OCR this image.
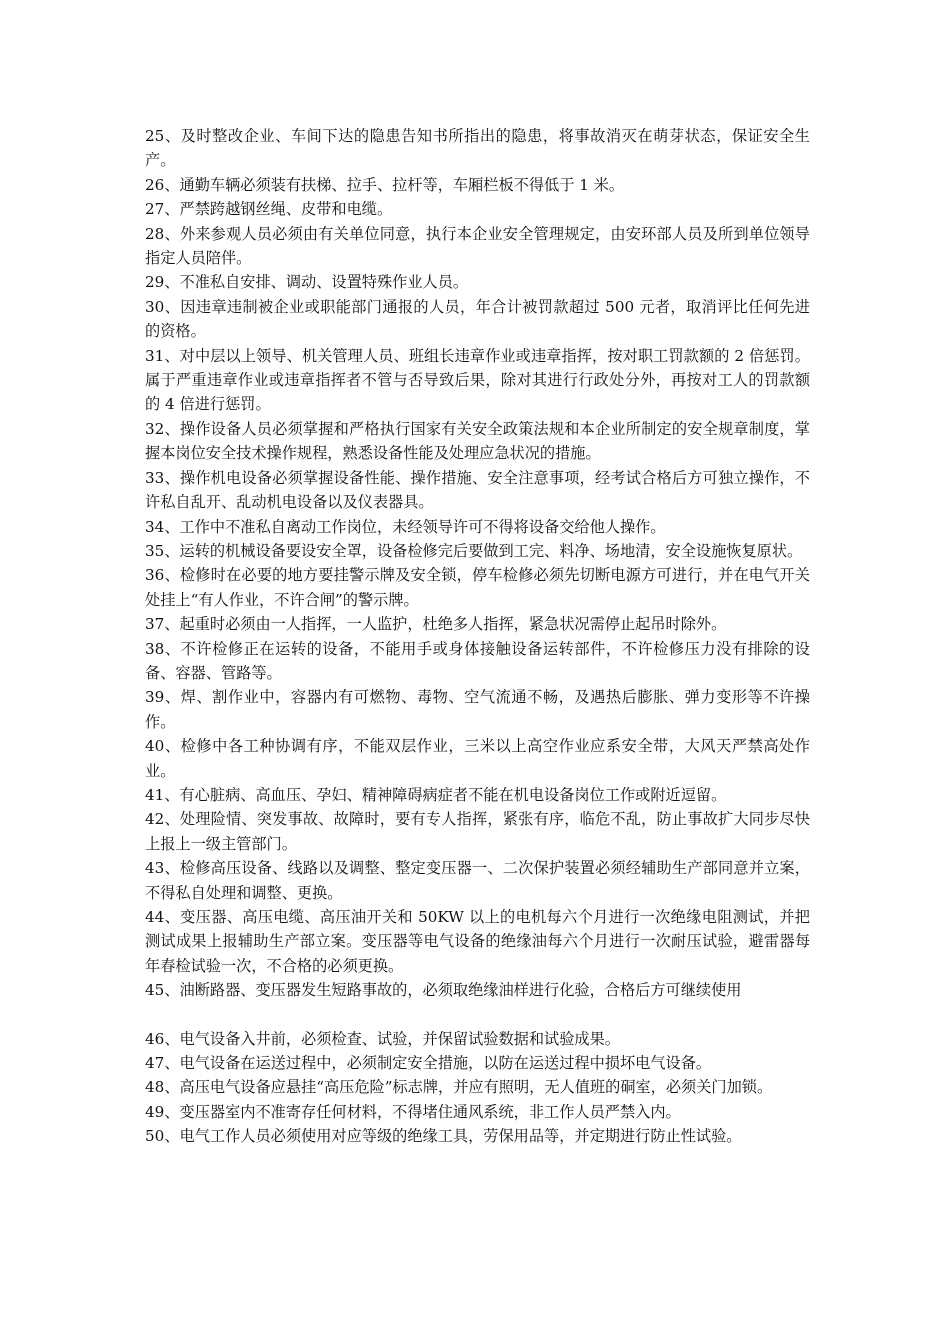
25、及时整改企业、车间下达的隐患告知书所指出的隐患，将事故消灭在萌芽状态，保证安全生产。

26、通勤车辆必须装有扶梯、拉手、拉杆等，车厢栏板不得低于 1 米。

27、严禁跨越钢丝绳、皮带和电缆。

28、外来参观人员必须由有关单位同意，执行本企业安全管理规定，由安环部人员及所到单位领导指定人员陪伴。

29、不准私自安排、调动、设置特殊作业人员。

30、因违章违制被企业或职能部门通报的人员，年合计被罚款超过 500 元者，取消评比任何先进的资格。

31、对中层以上领导、机关管理人员、班组长违章作业或违章指挥，按对职工罚款额的 2 倍惩罚。属于严重违章作业或违章指挥者不管与否导致后果，除对其进行行政处分外，再按对工人的罚款额的 4 倍进行惩罚。

32、操作设备人员必须掌握和严格执行国家有关安全政策法规和本企业所制定的安全规章制度，掌握本岗位安全技术操作规程，熟悉设备性能及处理应急状况的措施。

33、操作机电设备必须掌握设备性能、操作措施、安全注意事项，经考试合格后方可独立操作，不许私自乱开、乱动机电设备以及仪表器具。

34、工作中不准私自离动工作岗位，未经领导许可不得将设备交给他人操作。

35、运转的机械设备要设安全罩，设备检修完后要做到工完、料净、场地清，安全设施恢复原状。

36、检修时在必要的地方要挂警示牌及安全锁，停车检修必须先切断电源方可进行，并在电气开关处挂上“有人作业，不许合闸”的警示牌。

37、起重时必须由一人指挥，一人监护，杜绝多人指挥，紧急状况需停止起吊时除外。

38、不许检修正在运转的设备，不能用手或身体接触设备运转部件，不许检修压力没有排除的设备、容器、管路等。

39、焊、割作业中，容器内有可燃物、毒物、空气流通不畅，及遇热后膨胀、弹力变形等不许操作。

40、检修中各工种协调有序，不能双层作业，三米以上高空作业应系安全带，大风天严禁高处作业。

41、有心脏病、高血压、孕妇、精神障碍病症者不能在机电设备岗位工作或附近逗留。

42、处理险情、突发事故、故障时，要有专人指挥，紧张有序，临危不乱，防止事故扩大同步尽快上报上一级主管部门。

43、检修高压设备、线路以及调整、整定变压器一、二次保护装置必须经辅助生产部同意并立案，不得私自处理和调整、更换。

44、变压器、高压电缆、高压油开关和 50KW 以上的电机每六个月进行一次绝缘电阻测试，并把测试成果上报辅助生产部立案。变压器等电气设备的绝缘油每六个月进行一次耐压试验，避雷器每年春检试验一次，不合格的必须更换。

45、油断路器、变压器发生短路事故的，必须取绝缘油样进行化验，合格后方可继续使用

46、电气设备入井前，必须检查、试验，并保留试验数据和试验成果。

47、电气设备在运送过程中，必须制定安全措施，以防在运送过程中损坏电气设备。

48、高压电气设备应悬挂“高压危险”标志牌，并应有照明，无人值班的硐室，必须关门加锁。

49、变压器室内不准寄存任何材料，不得堵住通风系统，非工作人员严禁入内。

50、电气工作人员必须使用对应等级的绝缘工具，劳保用品等，并定期进行防止性试验。
